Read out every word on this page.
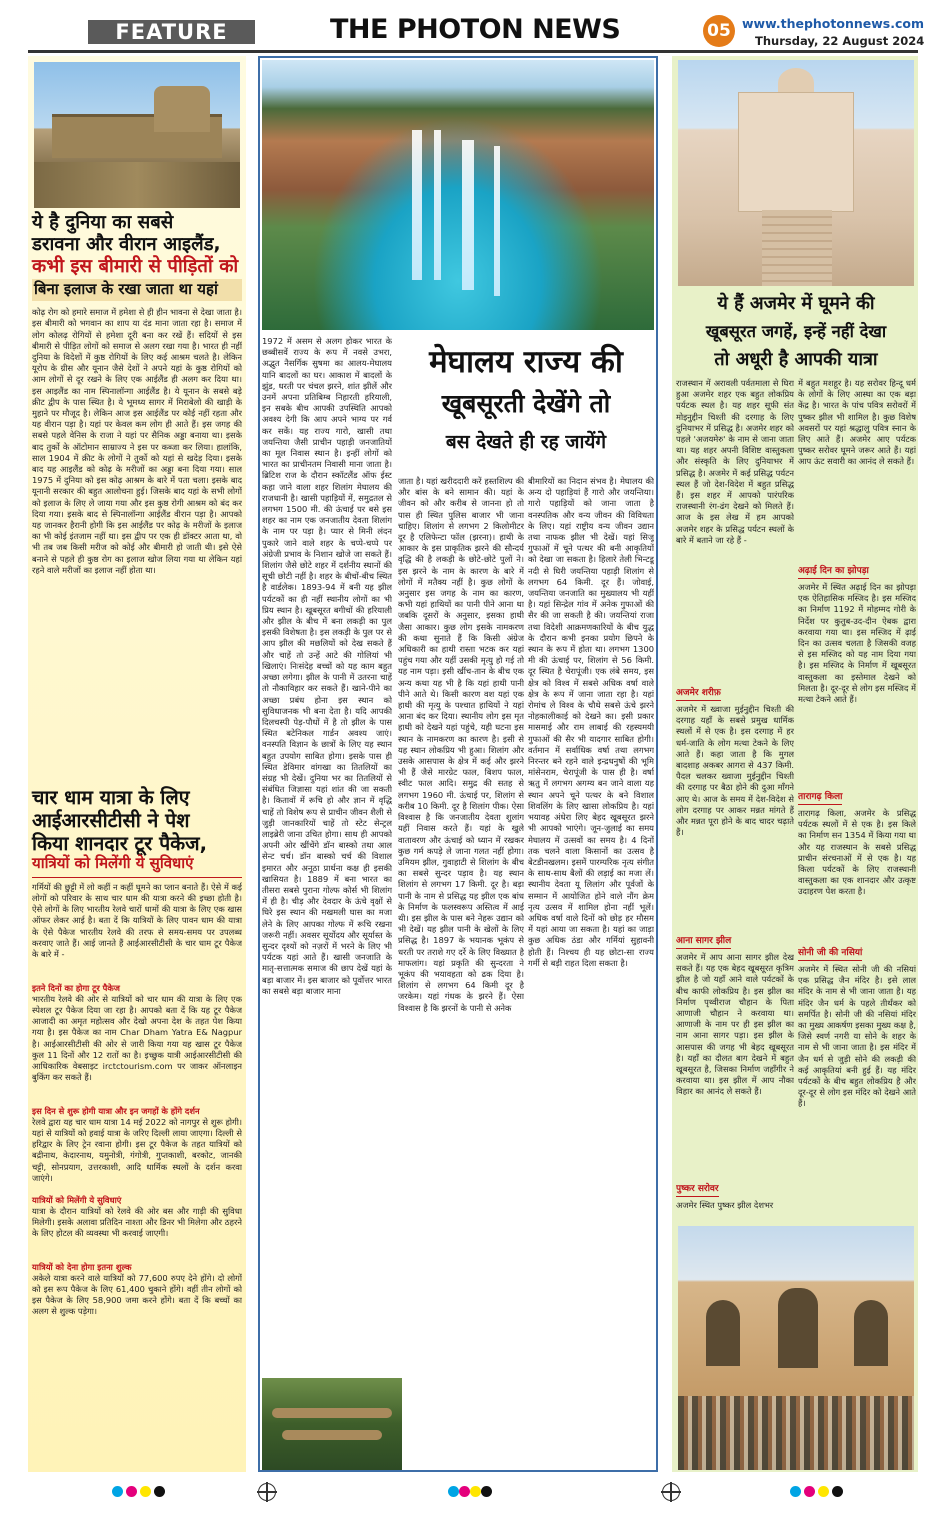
FEATURE	THE PHOTON NEWS	05 www.thephotonnews.com
Thursday, 22 August 2024
ये है दुनिया का सबसे
डरावना और वीरान आइलैंड,
कभी इस बीमारी से पीड़ितों को
बिना इलाज के रखा जाता था यहां
कोढ़ रोग को हमारे समाज में हमेशा से ही हीन भावना से देखा जाता है। इस बीमारी को भगवान का शाप या दंड माना जाता रहा है। समाज में लोग कोलढ़ रोगियों से हमेशा दूरी बना कर रखें हैं। सदियों से इस बीमारी से पीड़ित लोगों को समाज से अलग रखा गया है। भारत ही नहीं दुनिया के विदेशों में कुष्ठ रोगियों के लिए कई आश्रम चलते है। लेकिन यूरोप के ग्रीस और यूनान जैसे देशों ने अपने यहां के कुष्ठ रोगियों को आम लोगों से दूर रखने के लिए एक आईलैंड ही अलग कर दिया था। इस आइलैंड का नाम स्पिनालॉन्गा आईलैंड है। ये यूनान के सबसे बड़े क्रीट द्वीप के पास स्थित है। ये भूमध्य सागर में मिराबेलो की खाड़ी के मुहाने पर मौजूद है। लेकिन आज इस आईलैंड पर कोई नहीं रहता और यह वीरान पड़ा है। यहां पर केवल कम लोग ही आते हैं। इस जगह की सबसे पहले वेनिस के राजा ने यहां पर सैनिक अड्डा बनाया था। इसके बाद तुर्को के ऑटोमान साम्राज्य ने इस पर कब्जा कर लिया। हालांकि, साल 1904 में क्रीट के लोगों ने तुर्को को यहां से खदेड़ दिया। इसके बाद यह आइलैंड को कोढ़ के मरीजों का अड्डा बना दिया गया। साल 1975 में दुनिया को इस कोढ़ आश्रम के बारे में पता चला। इसके बाद यूनानी सरकार की बहुत आलोचना हुई। जिसके बाद यहां के सभी लोगों को इलाज के लिए ले जाया गया और इस कुष्ठ रोगी आश्रम को बंद कर दिया गया। इसके बाद से स्पिनालॉन्गा आईलैंड वीरान पड़ा है। आपको यह जानकर हैरानी होगी कि इस आईलैंड पर कोढ़ के मरीजों के इलाज का भी कोई इंतजाम नहीं था। इस द्वीप पर एक ही डॉक्टर आता था, वो भी तब जब किसी मरीज को कोई और बीमारी हो जाती थी। इसे ऐसे बनाने से पहले ही कुष्ठ रोग का इलाज खोज लिया गया था लेकिन यहां रहने वाले मरीजों का इलाज नहीं होता था।
चार धाम यात्रा के लिए
आईआरसीटीसी ने पेश
किया शानदार टूर पैकेज,
यात्रियों को मिलेंगी ये सुविधाएं
गर्मियों की छुट्टी में लो कहीं न कहीं घूमने का प्लान बनाते हैं। ऐसे में कई लोगों को परिवार के साथ चार धाम की यात्रा करने की इच्छा होती है। ऐसे लोगों के लिए भारतीय रेलवे चारों धामों की यात्रा के लिए एक खास ऑफर लेकर आई है। बता दें कि यात्रियों के लिए पावन धाम की यात्रा के ऐसे पैकेज भारतीय रेलवे की तरफ से समय-समय पर उपलब्ध करवाए जाते हैं। आई जानते हैं आईआरसीटीसी के चार धाम टूर पैकेज के बारे में -
इतने दिनों का होगा टूर पैकेज
भारतीय रेलवे की ओर से यात्रियों को चार धाम की यात्रा के लिए एक स्पेशल टूर पैकेज दिया जा रहा है। आपको बता दें कि यह टूर पैकेज आजादी का अमृत महोत्सव और देखो अपना देश के तहत पेश किया गया है। इस पैकेज का नाम Char Dham Yatra E& Nagpur है। आईआरसीटीसी की ओर से जारी किया गया यह खास टूर पैकेज कुल 11 दिनों और 12 रातों का है। इच्छुक यात्री आईआरसीटीसी की आधिकारिक वेबसाइट irctctourism.com पर जाकर ऑनलाइन बुकिंग कर सकते हैं।
इस दिन से शुरू होगी यात्रा और इन जगहों के होंगे दर्शन
रेलवे द्वारा यह चार धाम यात्रा 14 मई 2022 को नागपुर से शुरू होगी। यहां से यात्रियों को हवाई यात्रा के जरिए दिल्ली लाया जाएगा। दिल्ली से हरिद्वार के लिए ट्रेन रवाना होगी। इस टूर पैकेज के तहत यात्रियों को बद्रीनाथ, केदारनाथ, यमुनोत्री, गंगोत्री, गुप्तकाशी, बरकोट, जानकी चट्टी, सोनप्रयाग, उत्तरकाशी, आदि धार्मिक स्थलों के दर्शन करवा जाएंगे।
यात्रियों को मिलेंगी ये सुविधाएं
यात्रा के दौरान यात्रियों को रेलवे की ओर बस और गाड़ी की सुविधा मिलेगी। इसके अलावा प्रतिदिन नाश्ता और डिनर भी मिलेगा और ठहरने के लिए होटल की व्यवस्था भी करवाई जाएगी।
यात्रियों को देना होगा इतना शुल्क
अकेले यात्रा करने वाले यात्रियों को 77,600 रुपए देने होंगे। दो लोगों को इस रूप पैकेज के लिए 61,400 चुकाने होंगे। वहीं तीन लोगों को इस पैकेज के लिए 58,900 जमा करने होंगे। बता दें कि बच्चों का अलग से शुल्क पड़ेगा।
1972 में असम से अलग होकर भारत के छब्बीसवें राज्य के रूप में नवसे उभरा, अद्भुत नैसर्गिक सुषमा का आलय-मेघालय यानि बादलों का घर। आकाश में बादलों के झुंड, धरती पर चंचल झरने, शांत झीलें और उनमें अपना प्रतिबिम्ब निहारती हरियाली, इन सबके बीच आपकी उपस्थिति आपको अवश्य देगी कि आप अपने भाग्य पर गर्व कर सकें। यह राज्य गारो, खासी तथा जयन्तिया जैसी प्राचीन पहाड़ी जनजातियों का मूल निवास स्थान है। इन्हीं लोगों को भारत का प्राचीनतम निवासी माना जाता है। ब्रिटिश राज के दौरान स्कॉटलैंड ऑफ ईस्ट कहा जाने वाला शहर शिलांग मेघालय की राजधानी है। खासी पहाड़ियों में, समुद्रतल से लगभग 1500 मी. की ऊंचाई पर बसे इस शहर का नाम एक जनजातीय देवता शिलांग के नाम पर पड़ा है। प्यार से मिनी लंदन पुकारे जाने वाले शहर के चप्पे-चप्पे पर अंग्रेजी प्रभाव के निशान खोजे जा सकते हैं। शिलांग जैसे छोटे शहर में दर्शनीय स्थानों की सूची छोटी नहीं है। शहर के बीचों-बीच स्थित है वार्डलेक। 1893-94 में बनी यह झील पर्यटकों का ही नहीं स्थानीय लोगों का भी प्रिय स्थान है। खूबसूरत बगीचों की हरियाली और झील के बीच में बना लकड़ी का पुल इसकी विशेषता है। इस लकड़ी के पुल पर से आप झील की मछलियों को देख सकते हैं और चाहें तो उन्हें आटे की गोलियां भी खिलाएं। निःसंदेह बच्चों को यह काम बहुत अच्छा लगेगा। झील के पानी में उतरना चाहें तो नौकाविहार कर सकते हैं। खाने-पीने का अच्छा प्रबंध होना इस स्थान को सुविधाजनक भी बना देता है। यदि आपकी दिलचस्पी पेड़-पौधों में है तो झील के पास स्थित बटेनिकल गार्डन अवश्य जाएं। वनस्पति विज्ञान के छात्रों के लिए यह स्थान बहुत उपयोग साबित होगा। इसके पास ही स्थित डेविमार वांगखा का तितलियों का संग्रह भी देखें। दुनिया भर का तितलियों से संबंधित जिज्ञासा यहां शांत की जा सकती है। कितावों में रूचि हो और ज्ञान में वृद्धि चाहें तो विशेष रूप से प्राचीन जीवन शैली से जुड़ी जानकारियों चाहें तो स्टेट सेन्ट्रल लाइब्रेरी जाना उचित होगा। साथ ही आपको अपनी ओर खींचेंगे डॉन बास्को तथा आल सेन्ट चर्च। डॉन बास्को चर्च की विशाल इमारत और अनूठा प्रार्थना कक्ष ही इसकी खासियत है। 1889 में बना भारत का तीसरा सबसे पुराना गोल्फ कोर्स भी शिलांग में ही है। चीड़ और देवदार के ऊंचे वृक्षों से घिरे इस स्थान की मखमली घास का मजा लेने के लिए आपका गोल्फ में रूचि रखना जरूरी नहीं। अवसर सूर्योदय और सूर्यास्त के सुन्दर दृश्यों को नज़रों में भरने के लिए भी पर्यटक यहां आते हैं। खासी जनजाति के मातृ-सत्तात्मक समाज की छाप देखें यहां के बड़ा बाजार में। इस बाजार को पूर्वोत्तर भारत का सबसे बड़ा बाजार माना
मेघालय राज्य की
खूबसूरती देखेंगे तो
बस देखते ही रह जायेंगे
जाता है। यहां खरीददारी करें हस्तशिल्प की और बांस के बने सामान की। यहां के जीवन को और करीब से जानना हो तो पास ही स्थित पुलिस बाजार भी जाना चाहिए। शिलांग से लगभग 2 किलोमीटर दूर है एलिफेन्टा फॉल (झरना)। हाथी के आकार के इस प्राकृतिक झरने की सौन्दर्य वृद्धि की है लकड़ी के छोटे-छोटे पुलों ने। इस झरने के नाम के कारण के बारे में लोगों में मतैक्य नहीं है। कुछ लोगों के अनुसार इस जगह के नाम का कारण, कभी यहां हाथियों का पानी पीने आना था जबकि दूसरों के अनुसार, इसका हाथी जैसा आकार। कुछ लोग इसके नामकरण की कथा सुनाते हैं कि किसी अंग्रेज अधिकारी का हाथी रास्ता भटक कर यहां पहुंच गया और यहीं उसकी मृत्यु हो गई तो यह नाम पड़ा। इसी खींच-तान के बीच एक अन्य कथा यह भी है कि यहां हाथी पानी पीने आते थे। किसी कारण वश यहां एक हाथी की मृत्यु के पश्चात हाथियों ने यहां आना बंद कर दिया। स्थानीय लोग इस मृत हाथी को देखने यहां पहुंचे, यही घटना इस स्थान के नामकरण का कारण है। इसी से यह स्थान लोकप्रिय भी हुआ। शिलांग और उसके आसपास के क्षेत्र में कई और झरने भी हैं जैसे मारग्रेट फाल, बिशप फाल, स्वीट फाल आदि। समुद्र की सतह से लगभग 1960 मी. ऊंचाई पर, शिलांग से करीब 10 किमी. दूर है शिलांग पीक। ऐसा विश्वास है कि जनजातीय देवता शुलांग यहीं निवास करते हैं। यहां के खुले वातावरण और ऊंचाई को ध्यान में रखकर कुछ गर्म कपड़े ले जाना गलत नहीं होगा। उमियम झील, गुवाहाटी से शिलांग के बीच का सबसे सुन्दर पड़ाव है। यह स्थान शिलांग से लगभग 17 किमी. दूर है। बड़ा पानी के नाम से प्रसिद्ध यह झील एक बांध के निर्माण के फलस्वरूप अस्तित्व में आई थी। इस झील के पास बने नेहरू उद्यान को भी देखें। यह झील पानी के खेलों के लिए प्रसिद्ध है। 1897 के भयानक भूकंप से धरती पर तराशे गए दर्रे के लिए विख्यात है माफलांग। यहां प्रकृति की सुन्दरता ने भूकंप की भयावहता को ढक दिया है। शिलांग से लगभग 64 किमी दूर है जरकेम। यहां गंधक के झरने हैं। ऐसा विश्वास है कि झरनों के पानी से अनेक
बीमारियों का निदान संभव है। मेघालय की अन्य दो पहाड़ियां हैं गारो और जयन्तिया। गारो पहाड़ियों को जाना जाता है वनस्पतिक और वन्य जीवन की विविधता के लिए। यहां राष्ट्रीय वन्य जीवन उद्यान तथा नाफक झील भी देखें। यहां सिजू गुफाओं में चूने पत्थर की बनी आकृतियों को देखा जा सकता है। हिलारे तेली भिन्टडू नदी से घिरी जयन्तिया पहाड़ी शिलांग से लगभग 64 किमी. दूर हैं। जोवाई, जयन्तिया जनजाति का मुख्यालय भी यहीं है। यहां सिन्द्रेल गांव में अनेक गुफाओं की सैर की जा सकती है की। जयन्तियां राजा तथा विदेशी आक्रमणकारियों के बीच युद्ध के दौरान कभी इनका प्रयोग छिपने के स्थान के रूप में होता था। लगभग 1300 मी की ऊंचाई पर, शिलांग से 56 किमी. दूर स्थित है चेरापूंजी। एक लंबे समय, इस क्षेत्र को विश्व में सबसे अधिक वर्षा वाले क्षेत्र के रूप में जाना जाता रहा है। यहां रोमांच ले विश्व के चौथे सबसे ऊंचे झरने नोहकालीकाई को देखने का। इसी प्रकार मासमाई और राम लाबाई की रहस्यमयी गुफाओं की सैर भी यादगार साबित होगी। वर्तमान में सर्वाधिक वर्षा तथा लगभग निरन्तर बने रहने वाले इन्द्रधनुषों की भूमि मांसेनराम, चेरापूंजी के पास ही है। वर्षा ऋतु में लगभग अगम्य बन जाने वाला यह स्थान अपने चूने पत्थर के बने विशाल शिवलिंग के लिए खासा लोकप्रिय है। यहां भयावह अंधेरा लिए बेहद खूबसूरत झरने भी आपको भाएंगे। जून-जुलाई का समय मेघालय में उत्सवों का समय है। 4 दिनों तक चलने वाला किसानों का उत्सव है बेटडीनखलम। इसमें पारम्परिक नृत्य संगीत के साथ-साथ बैलों की लड़ाई का मजा लें। स्थानीय देवता यू लिलांग और पूर्वजों के सम्मान में आयोजित होने वाले नौंग क्रेम नृत्य उत्सव में शामिल होना नहीं भूलें। अधिक वर्षा वाले दिनों को छोड़ हर मौसम में यहां आया जा सकता है। यहां का जाड़ा कुछ अधिक ठंडा और गर्मियां सुहावनी होती हैं। निश्चय ही यह छोटा-सा राज्य गर्मी से बड़ी राहत दिला सकता है।
ये हैं अजमेर में घूमने की
खूबसूरत जगहें, इन्हें नहीं देखा
तो अधूरी है आपकी यात्रा
राजस्थान में अरावली पर्वतमाला से घिरा हुआ अजमेर शहर एक बहुत लोकप्रिय पर्यटक स्थल है। यह शहर सूफी संत मोइनुद्दीन चिश्ती की दरगाह के लिए दुनियाभर में प्रसिद्ध है। अजमेर शहर को पहले 'अजयमेरु' के नाम से जाना जाता था। यह शहर अपनी विशिष्ट वास्तुकला और संस्कृति के लिए दुनियाभर में प्रसिद्ध है। अजमेर में कई प्रसिद्ध पर्यटन स्थल हैं जो देश-विदेश में बहुत प्रसिद्ध हैं। इस शहर में आपको पारंपरिक राजस्थानी रंग-ढंग देखने को मिलते हैं। आज के इस लेख में हम आपको अजमेर शहर के प्रसिद्ध पर्यटन स्थलों के बारे में बताने जा रहे हैं -
अजमेर शरीफ़
अजमेर में ख्वाजा मुईनुद्दीन चिश्ती की दरगाह यहाँ के सबसे प्रमुख धार्मिक स्थलों में से एक है। इस दरगाह में हर धर्म-जाति के लोग मत्था टेकने के लिए आते हैं। कहा जाता है कि मुगल बादशाह अकबर आगरा से 437 किमी. पैदल चलकर ख्वाजा मुईनुद्दीन चिश्ती की दरगाह पर बैठा होने की दुआ माँगने आए थे। आज के समय में देश-विदेश से लोग दरगाह पर आकर मन्नत मांगते हैं और मन्नत पूरा होने के बाद चादर चढ़ाते हैं।
आना सागर झील
अजमेर में आप आना सागर झील देख सकते हैं। यह एक बेहद खूबसूरत कृत्रिम झील है जो यहाँ आने वाले पर्यटकों के बीच काफी लोकप्रिय है। इस झील का निर्माण पृथ्वीराज चौहान के पिता आणाजी चौहान ने करवाया था। आणाजी के नाम पर ही इस झील का नाम आना सागर पड़ा। इस झील के आसपास की जगह भी बेहद खूबसूरत है। यहाँ का दौलत बाग देखने में बहुत खूबसूरत है, जिसका निर्माण जहाँगीर ने करवाया था। इस झील में आप नौका विहार का आनंद ले सकते हैं।
पुष्कर सरोवर
अजमेर स्थित पुष्कर झील देशभर
में बहुत मशहूर है। यह सरोवर हिन्दू धर्म के लोगों के लिए आस्था का एक बड़ा केंद्र है। भारत के पांच पवित्र सरोवरों में पुष्कर झील भी शामिल है। कुछ विशेष अवसरों पर यहां श्रद्धालु पवित्र स्नान के लिए आते हैं। अजमेर आए पर्यटक पुष्कर सरोवर घूमने जरूर आते हैं। यहां आप ऊंट सवारी का आनंद ले सकते हैं।
अढ़ाई दिन का झोपड़ा
अजमेर में स्थित अढ़ाई दिन का झोपड़ा एक ऐतिहासिक मस्जिद है। इस मस्जिद का निर्माण 1192 में मोहम्मद गोरी के निर्देश पर कुतुब-उद-दीन ऐबक द्वारा करवाया गया था। इस मस्जिद में ढ़ाई दिन का उत्सव चलता है जिसकी वजह से इस मस्जिद को यह नाम दिया गया है। इस मस्जिद के निर्माण में खूबसूरत वास्तुकला का इस्तेमाल देखने को मिलता है। दूर-दूर से लोग इस मस्जिद में मत्था टेकने आते हैं।
तारागढ़ किला
तारागढ़ किला, अजमेर के प्रसिद्ध पर्यटक स्थलों में से एक है। इस किले का निर्माण सन 1354 में किया गया था और यह राजस्थान के सबसे प्रसिद्ध प्राचीन संरचनाओं में से एक है। यह किला पर्यटकों के लिए राजस्थानी वास्तुकला का एक शानदार और उत्कृष्ट उदाहरण पेश करता है।
सोनी जी की नसियां
अजमेर में स्थित सोनी जी की नसियां एक प्रसिद्ध जैन मंदिर है। इसे लाल मंदिर के नाम से भी जाना जाता है। यह मंदिर जैन धर्म के पहले तीर्थंकर को समर्पित है। सोनी जी की नसियां मंदिर का मुख्य आकर्षण इसका मुख्य कक्ष है, जिसे स्वर्ण नगरी या सोने के शहर के नाम से भी जाना जाता है। इस मंदिर में जैन धर्म से जुड़ी सोने की लकड़ी की कई आकृतियां बनी हुई हैं। यह मंदिर पर्यटकों के बीच बहुत लोकप्रिय है और दूर-दूर से लोग इस मंदिर को देखने आते हैं।
